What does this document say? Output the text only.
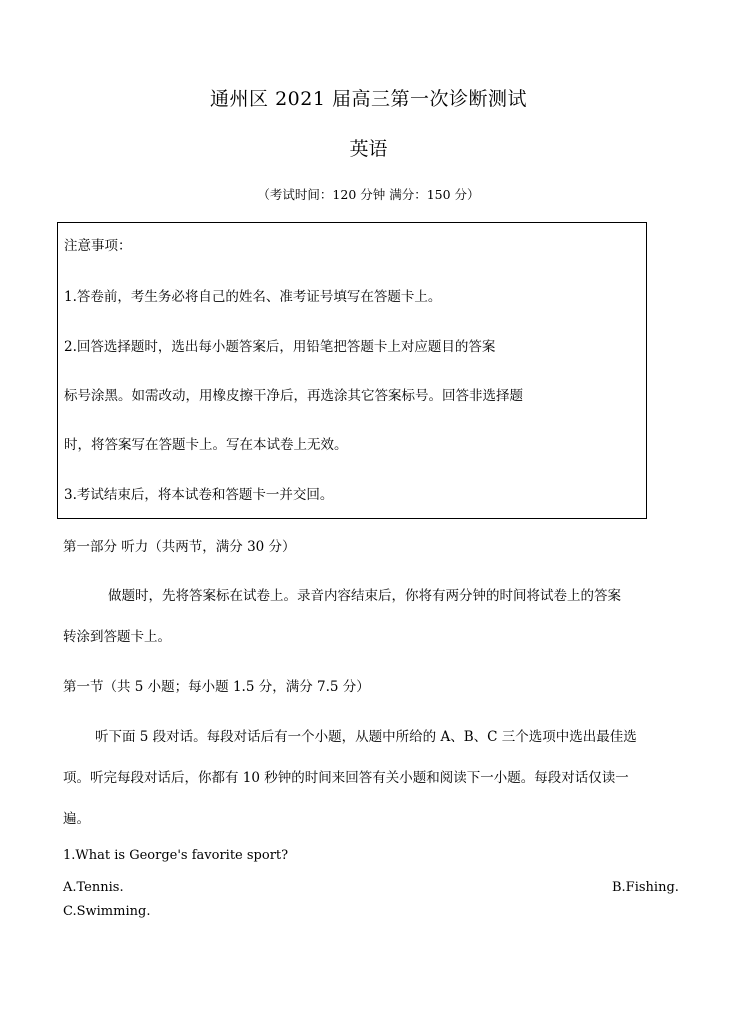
通州区 2021 届高三第一次诊断测试
英语
（考试时间：120 分钟 满分：150 分）
注意事项：
1.答卷前，考生务必将自己的姓名、准考证号填写在答题卡上。
2.回答选择题时，选出每小题答案后，用铅笔把答题卡上对应题目的答案
标号涂黑。如需改动，用橡皮擦干净后，再选涂其它答案标号。回答非选择题
时，将答案写在答题卡上。写在本试卷上无效。
3.考试结束后，将本试卷和答题卡一并交回。
第一部分 听力（共两节，满分 30 分）
做题时，先将答案标在试卷上。录音内容结束后，你将有两分钟的时间将试卷上的答案
转涂到答题卡上。
第一节（共 5 小题；每小题 1.5 分，满分 7.5 分）
听下面 5 段对话。每段对话后有一个小题，从题中所给的 A、B、C 三个选项中选出最佳选
项。听完每段对话后，你都有 10 秒钟的时间来回答有关小题和阅读下一小题。每段对话仅读一
遍。
1.What is George's favorite sport?
A.Tennis.	B.Fishing.
C.Swimming.
